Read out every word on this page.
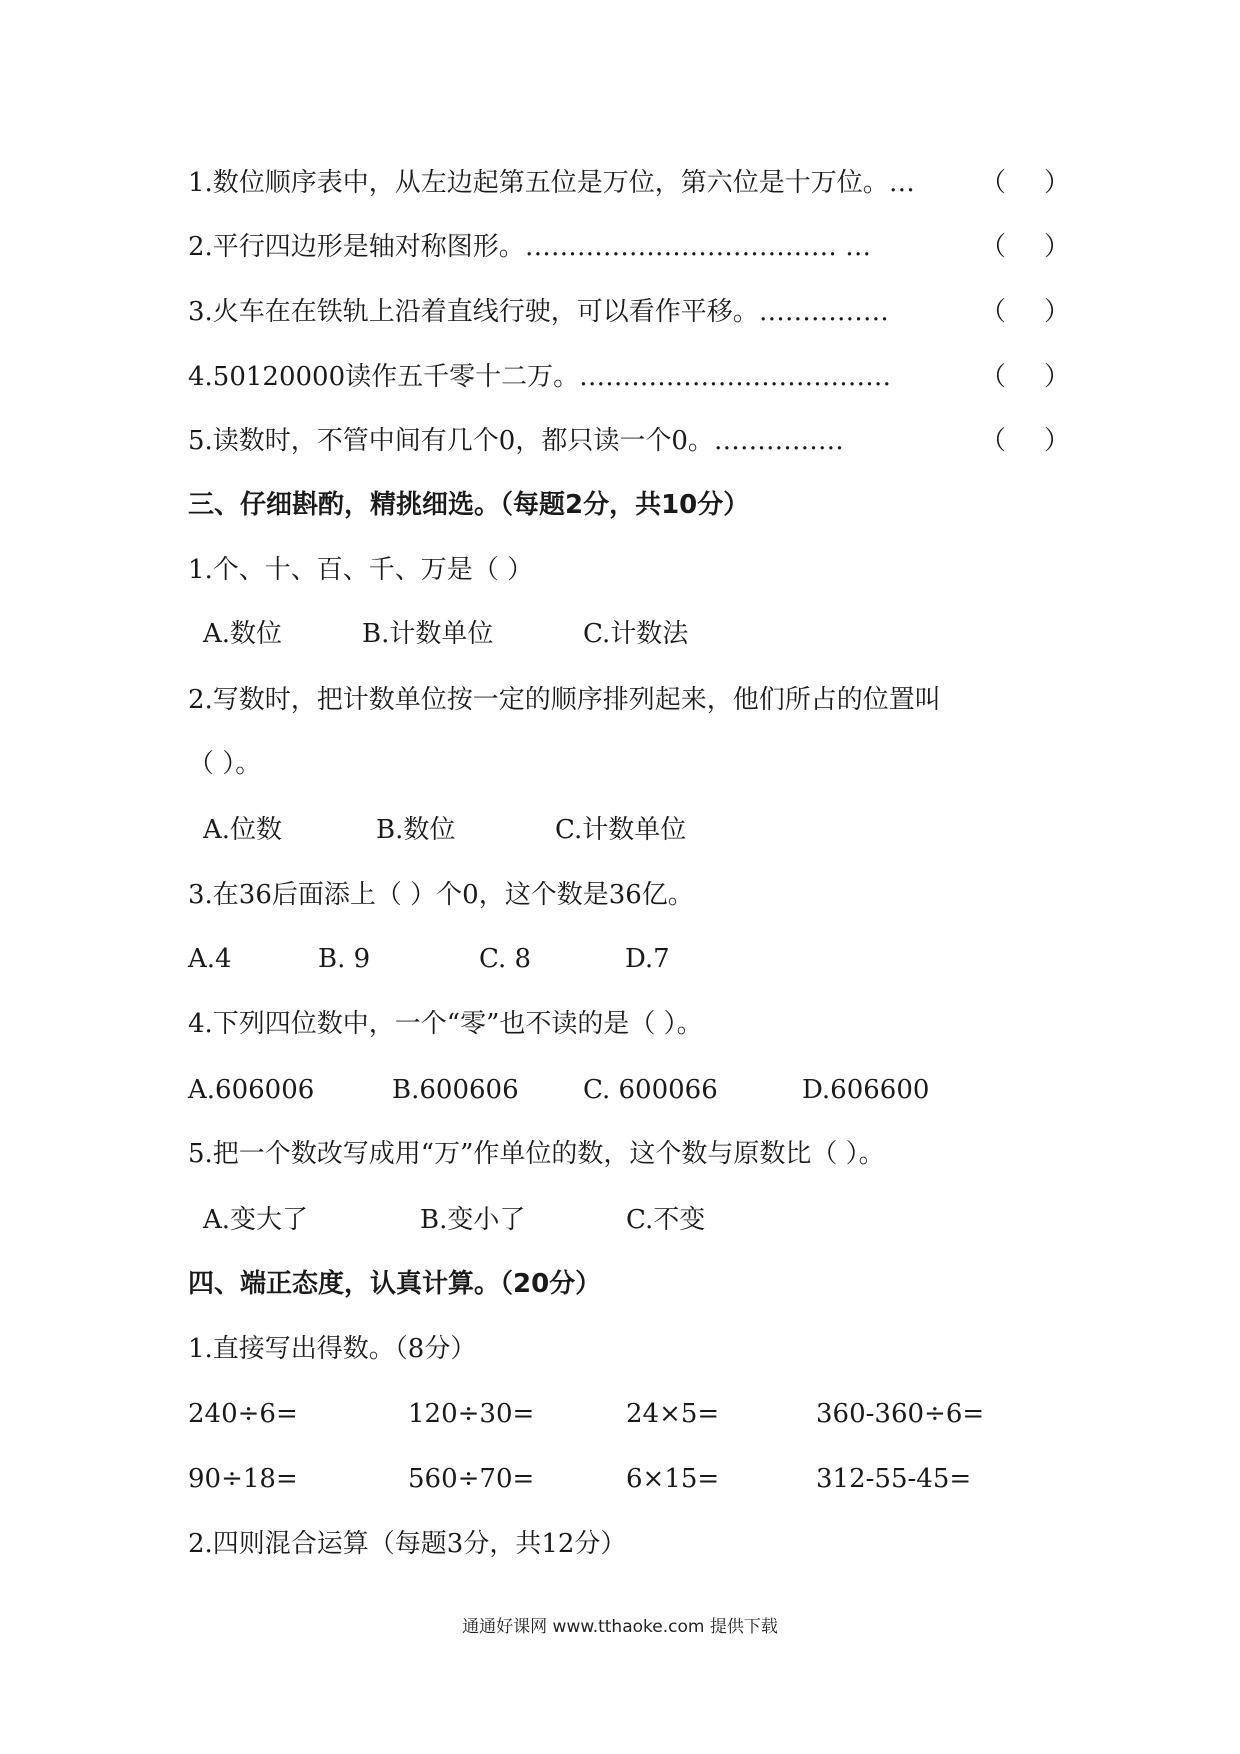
1.数位顺序表中，从左边起第五位是万位，第六位是十万位。…	（）
2.平行四边形是轴对称图形。……………………………… …	（）
3.火车在在铁轨上沿着直线行驶，可以看作平移。……………	（）
4.50120000读作五千零十二万。………………………………	（）
5.读数时，不管中间有几个0，都只读一个0。……………	（）
三、仔细斟酌，精挑细选。（每题2分，共10分）
1.个、十、百、千、万是（ ）
A.数位	B.计数单位	C.计数法
2.写数时，把计数单位按一定的顺序排列起来，他们所占的位置叫
（ ）。
A.位数	B.数位	C.计数单位
3.在36后面添上（ ）个0，这个数是36亿。
A.4	B. 9	C. 8	D.7
4.下列四位数中，一个“零”也不读的是（ ）。
A.606006	B.600606 C. 600066	D.606600
5.把一个数改写成用“万”作单位的数，这个数与原数比（ ）。
A.变大了	B.变小了	C.不变
四、端正态度，认真计算。（20分）
1.直接写出得数。（8分）
240÷6=	120÷30=	24×5=	360-360÷6=
90÷18=	560÷70=	6×15=	312-55-45=
2.四则混合运算（每题3分，共12分）
通通好课网 www.tthaoke.com 提供下载
